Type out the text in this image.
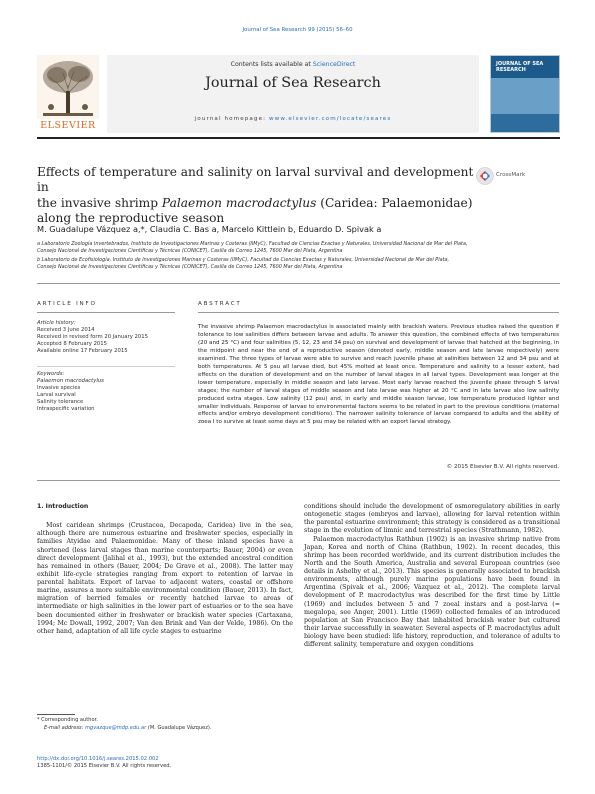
Journal of Sea Research 99 (2015) 56–60
ELSEVIER
Contents lists available at ScienceDirect
Journal of Sea Research
journal homepage: www.elsevier.com/locate/seares
JOURNAL OF SEA RESEARCH
Effects of temperature and salinity on larval survival and development in
the invasive shrimp Palaemon macrodactylus (Caridea: Palaemonidae)
along the reproductive season
CrossMark
M. Guadalupe Vázquez a,*, Claudia C. Bas a, Marcelo Kittlein b, Eduardo D. Spivak a
a Laboratorio Zoología Invertebrados, Instituto de Investigaciones Marinas y Costeras (IIMyC), Facultad de Ciencias Exactas y Naturales, Universidad Nacional de Mar del Plata,
Consejo Nacional de Investigaciones Científicas y Técnicas (CONICET), Casilla de Correo 1245, 7600 Mar del Plata, Argentina
b Laboratorio de Ecofisiología, Instituto de Investigaciones Marinas y Costeras (IIMyC), Facultad de Ciencias Exactas y Naturales, Universidad Nacional de Mar del Plata,
Consejo Nacional de Investigaciones Científicas y Técnicas (CONICET), Casilla de Correo 1245, 7600 Mar del Plata, Argentina
ARTICLE INFO	ABSTRACT
Article history:
Received 3 June 2014
Received in revised form 20 January 2015
Accepted 8 February 2015
Available online 17 February 2015
Keywords:
Palaemon macrodactylus
Invasive species
Larval survival
Salinity tolerance
Intraspecific variation
The invasive shrimp Palaemon macrodactylus is associated mainly with brackish waters. Previous studies raised the question if tolerance to low salinities differs between larvae and adults. To answer this question, the combined effects of two temperatures (20 and 25 °C) and four salinities (5, 12, 23 and 34 psu) on survival and development of larvae that hatched at the beginning, in the midpoint and near the end of a reproductive season (denoted early, middle season and late larvae respectively) were examined. The three types of larvae were able to survive and reach juvenile phase at salinities between 12 and 34 psu and at both temperatures. At 5 psu all larvae died, but 45% molted at least once. Temperature and salinity to a lesser extent, had effects on the duration of development and on the number of larval stages in all larval types. Development was longer at the lower temperature, especially in middle season and late larvae. Most early larvae reached the juvenile phase through 5 larval stages; the number of larval stages of middle season and late larvae was higher at 20 °C and in late larvae also low salinity produced extra stages. Low salinity (12 psu) and, in early and middle season larvae, low temperature produced lighter and smaller individuals. Response of larvae to environmental factors seems to be related in part to the previous conditions (maternal effects and/or embryo development conditions). The narrower salinity tolerance of larvae compared to adults and the ability of zoea I to survive at least some days at 5 psu may be related with an export larval strategy.
© 2015 Elsevier B.V. All rights reserved.
1. Introduction

Most caridean shrimps (Crustacea, Decapoda, Caridea) live in the sea, although there are numerous estuarine and freshwater species, especially in families Atyidae and Palaemonidae. Many of these inland species have a shortened (less larval stages than marine counterparts; Bauer, 2004) or even direct development (Jalihal et al., 1993), but the extended ancestral condition has remained in others (Bauer, 2004; De Grave et al., 2008). The latter may exhibit life-cycle strategies ranging from export to retention of larvae in parental habitats. Export of larvae to adjacent waters, coastal or offshore marine, assures a more suitable environmental condition (Bauer, 2013). In fact, migration of berried females or recently hatched larvae to areas of intermediate or high salinities in the lower part of estuaries or to the sea have been documented either in freshwater or brackish water species (Cartaxana, 1994; Mc Dowall, 1992, 2007; Van den Brink and Van der Velde, 1986). On the other hand, adaptation of all life cycle stages to estuarine

conditions should include the development of osmoregulatory abilities in early ontogenetic stages (embryos and larvae), allowing for larval retention within the parental estuarine environment; this strategy is considered as a transitional stage in the evolution of limnic and terrestrial species (Strathmann, 1982).

Palaemon macrodactylus Rathbun (1902) is an invasive shrimp native from Japan, Korea and north of China (Rathbun, 1902). In recent decades, this shrimp has been recorded worldwide, and its current distribution includes the North and the South America, Australia and several European countries (see details in Ashelby et al., 2013). This species is generally associated to brackish environments, although purely marine populations have been found in Argentina (Spivak et al., 2006; Vázquez et al., 2012). The complete larval development of P. macrodactylus was described for the first time by Little (1969) and includes between 5 and 7 zoeal instars and a post-larva (= megalopa, see Anger, 2001). Little (1969) collected females of an introduced population at San Francisco Bay that inhabited brackish water but cultured their larvae successfully in seawater. Several aspects of P. macrodactylus adult biology have been studied: life history, reproduction, and tolerance of adults to different salinity, temperature and oxygen conditions

* Corresponding author.
E-mail address: mgvazque@mdp.edu.ar (M. Guadalupe Vázquez).
http://dx.doi.org/10.1016/j.seares.2015.02.002
1385-1101/© 2015 Elsevier B.V. All rights reserved.
